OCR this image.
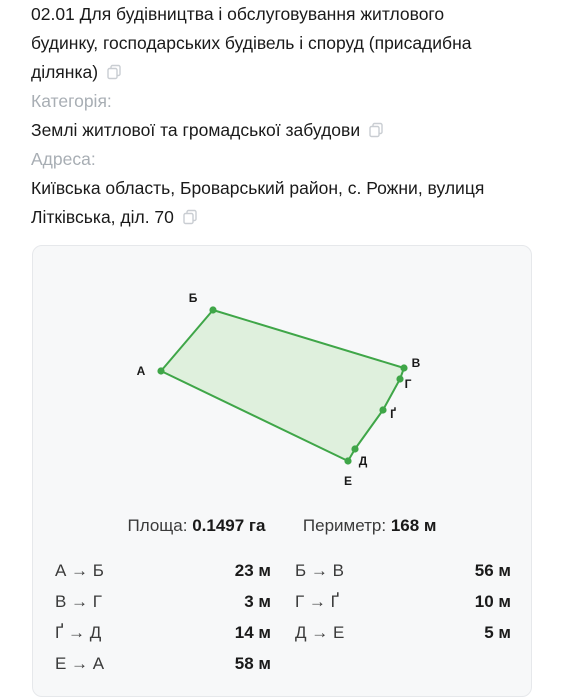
02.01 Для будівництва і обслуговування житлового
будинку, господарських будівель і споруд (присадибна
ділянка)
Категорія:
Землі житлової та громадської забудови
Адреса:
Київська область, Броварський район, с. Рожни, вулиця
Літківська, діл. 70
А
Б
В
Г
Ґ
Д
Е
Площа: 0.1497 га Периметр: 168 м
А → Б	23 м Б → В	56 м
В → Г	3 м Г → Ґ	10 м
Ґ → Д	14 м Д → Е	5 м
Е → А	58 м
